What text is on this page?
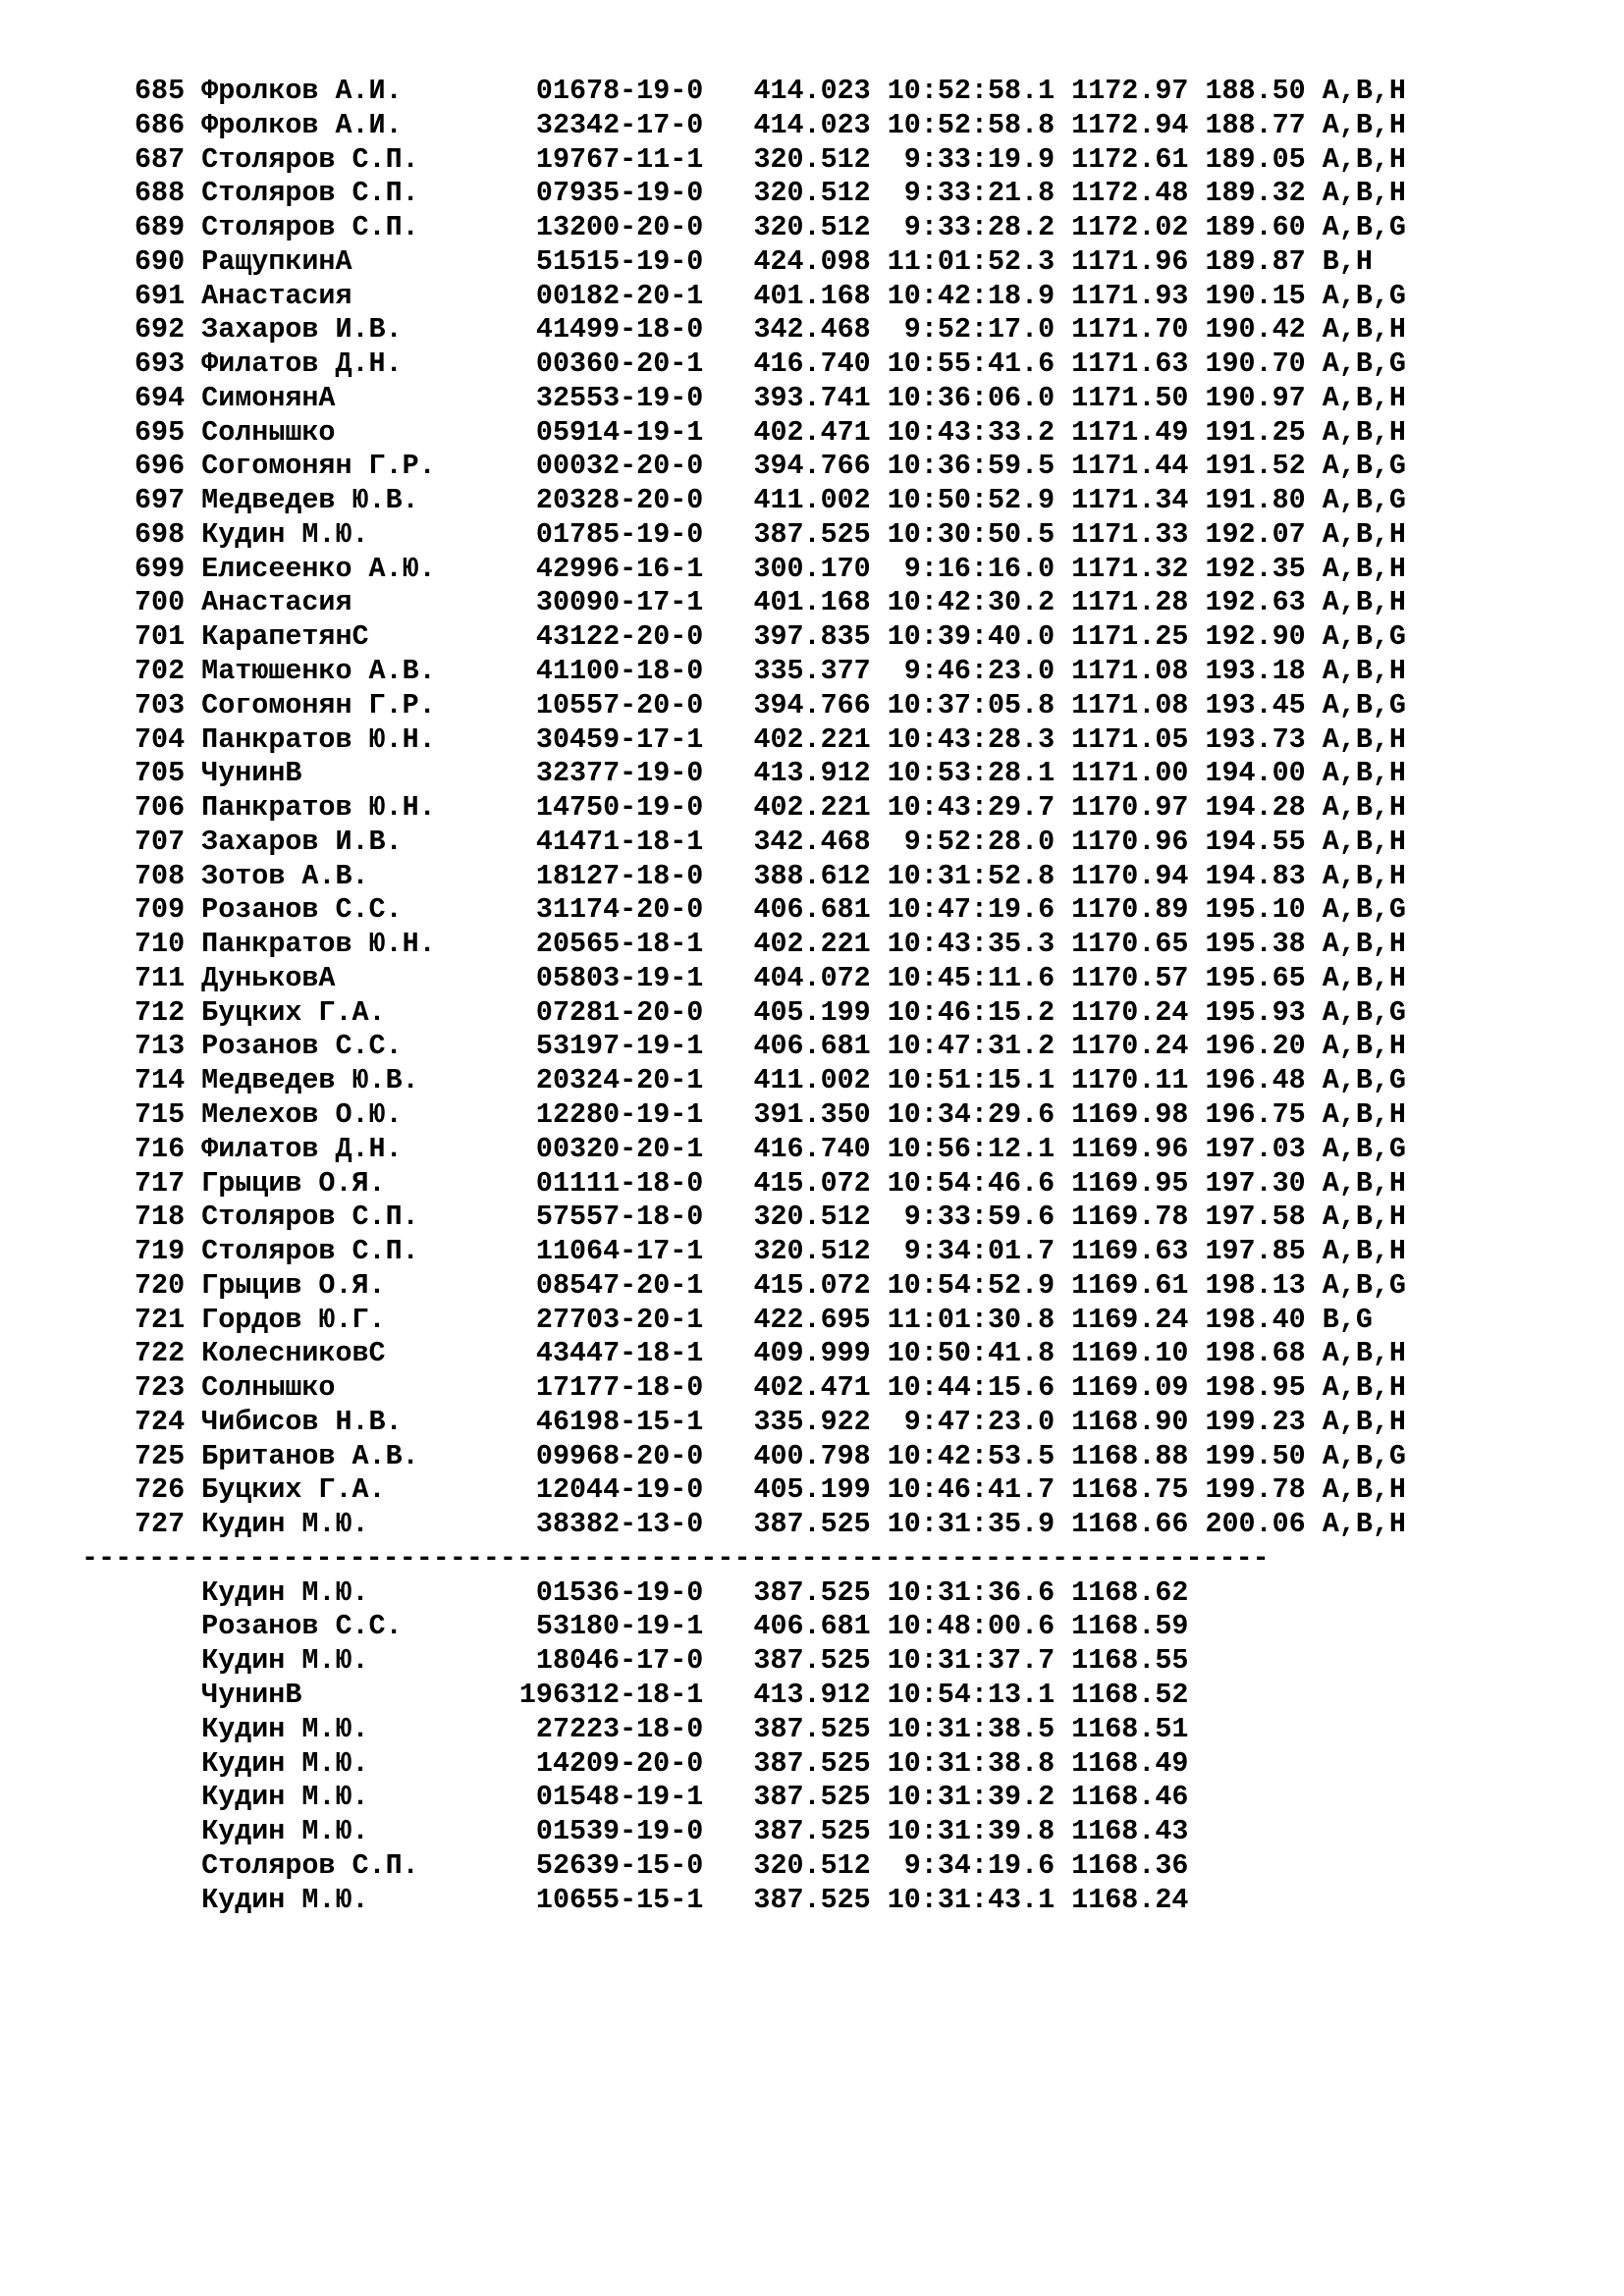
685 Фролков А.И.        01678-19-0 414.023 10:52:58.1 1172.97 188.50 A,B,H
686 Фролков А.И.        32342-17-0 414.023 10:52:58.8 1172.94 188.77 A,B,H
687 Столяров С.П.       19767-11-1 320.512  9:33:19.9 1172.61 189.05 A,B,H
688 Столяров С.П.       07935-19-0 320.512  9:33:21.8 1172.48 189.32 A,B,H
689 Столяров С.П.       13200-20-0 320.512  9:33:28.2 1172.02 189.60 A,B,G
690 РащупкинА           51515-19-0 424.098 11:01:52.3 1171.96 189.87 B,H
691 Анастасия           00182-20-1 401.168 10:42:18.9 1171.93 190.15 A,B,G
692 Захаров И.В.        41499-18-0 342.468  9:52:17.0 1171.70 190.42 A,B,H
693 Филатов Д.Н.        00360-20-1 416.740 10:55:41.6 1171.63 190.70 A,B,G
694 СимонянА            32553-19-0 393.741 10:36:06.0 1171.50 190.97 A,B,H
695 Солнышко            05914-19-1 402.471 10:43:33.2 1171.49 191.25 A,B,H
696 Согомонян Г.Р.      00032-20-0 394.766 10:36:59.5 1171.44 191.52 A,B,G
697 Медведев Ю.В.       20328-20-0 411.002 10:50:52.9 1171.34 191.80 A,B,G
698 Кудин М.Ю.          01785-19-0 387.525 10:30:50.5 1171.33 192.07 A,B,H
699 Елисеенко А.Ю.      42996-16-1 300.170  9:16:16.0 1171.32 192.35 A,B,H
700 Анастасия           30090-17-1 401.168 10:42:30.2 1171.28 192.63 A,B,H
701 КарапетянС          43122-20-0 397.835 10:39:40.0 1171.25 192.90 A,B,G
702 Матюшенко А.В.      41100-18-0 335.377  9:46:23.0 1171.08 193.18 A,B,H
703 Согомонян Г.Р.      10557-20-0 394.766 10:37:05.8 1171.08 193.45 A,B,G
704 Панкратов Ю.Н.      30459-17-1 402.221 10:43:28.3 1171.05 193.73 A,B,H
705 ЧунинВ              32377-19-0 413.912 10:53:28.1 1171.00 194.00 A,B,H
706 Панкратов Ю.Н.      14750-19-0 402.221 10:43:29.7 1170.97 194.28 A,B,H
707 Захаров И.В.        41471-18-1 342.468  9:52:28.0 1170.96 194.55 A,B,H
708 Зотов А.В.          18127-18-0 388.612 10:31:52.8 1170.94 194.83 A,B,H
709 Розанов С.С.        31174-20-0 406.681 10:47:19.6 1170.89 195.10 A,B,G
710 Панкратов Ю.Н.      20565-18-1 402.221 10:43:35.3 1170.65 195.38 A,B,H
711 ДуньковА            05803-19-1 404.072 10:45:11.6 1170.57 195.65 A,B,H
712 Буцких Г.А.         07281-20-0 405.199 10:46:15.2 1170.24 195.93 A,B,G
713 Розанов С.С.        53197-19-1 406.681 10:47:31.2 1170.24 196.20 A,B,H
714 Медведев Ю.В.       20324-20-1 411.002 10:51:15.1 1170.11 196.48 A,B,G
715 Мелехов О.Ю.        12280-19-1 391.350 10:34:29.6 1169.98 196.75 A,B,H
716 Филатов Д.Н.        00320-20-1 416.740 10:56:12.1 1169.96 197.03 A,B,G
717 Грыцив О.Я.         01111-18-0 415.072 10:54:46.6 1169.95 197.30 A,B,H
718 Столяров С.П.       57557-18-0 320.512  9:33:59.6 1169.78 197.58 A,B,H
719 Столяров С.П.       11064-17-1 320.512  9:34:01.7 1169.63 197.85 A,B,H
720 Грыцив О.Я.         08547-20-1 415.072 10:54:52.9 1169.61 198.13 A,B,G
721 Гордов Ю.Г.         27703-20-1 422.695 11:01:30.8 1169.24 198.40 B,G
722 КолесниковС         43447-18-1 409.999 10:50:41.8 1169.10 198.68 A,B,H
723 Солнышко            17177-18-0 402.471 10:44:15.6 1169.09 198.95 A,B,H
724 Чибисов Н.В.        46198-15-1 335.922  9:47:23.0 1168.90 199.23 A,B,H
725 Британов А.В.       09968-20-0 400.798 10:42:53.5 1168.88 199.50 A,B,G
726 Буцких Г.А.         12044-19-0 405.199 10:46:41.7 1168.75 199.78 A,B,H
727 Кудин М.Ю.          38382-13-0 387.525 10:31:35.9 1168.66 200.06 A,B,H
-----------------------------------------------------------------------
Кудин М.Ю.          01536-19-0 387.525 10:31:36.6 1168.62
Розанов С.С.        53180-19-1 406.681 10:48:00.6 1168.59
Кудин М.Ю.          18046-17-0 387.525 10:31:37.7 1168.55
ЧунинВ             196312-18-1 413.912 10:54:13.1 1168.52
Кудин М.Ю.          27223-18-0 387.525 10:31:38.5 1168.51
Кудин М.Ю.          14209-20-0 387.525 10:31:38.8 1168.49
Кудин М.Ю.          01548-19-1 387.525 10:31:39.2 1168.46
Кудин М.Ю.          01539-19-0 387.525 10:31:39.8 1168.43
Столяров С.П.       52639-15-0 320.512  9:34:19.6 1168.36
Кудин М.Ю.          10655-15-1 387.525 10:31:43.1 1168.24
